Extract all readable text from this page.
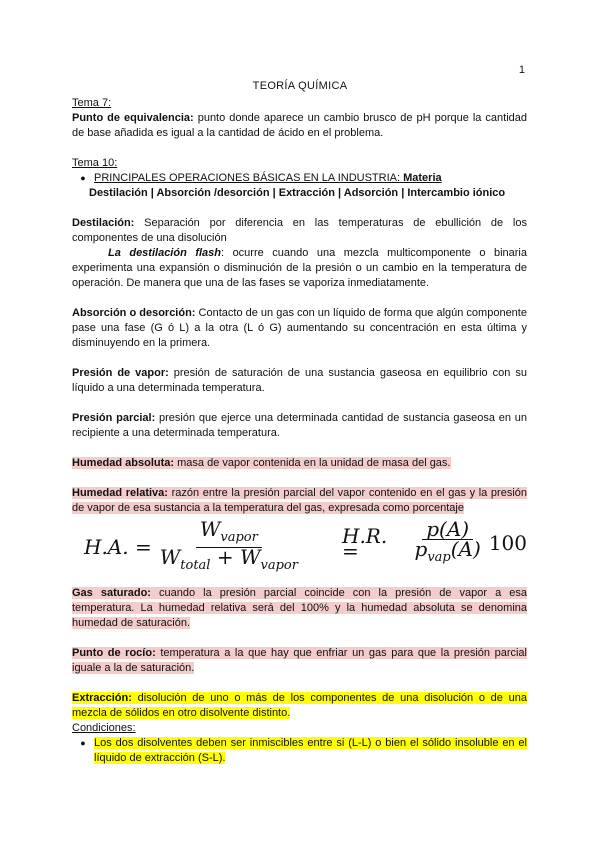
1
TEORÍA QUÍMICA
Tema 7:
Punto de equivalencia: punto donde aparece un cambio brusco de pH porque la cantidad de base añadida es igual a la cantidad de ácido en el problema.
Tema 10:
● PRINCIPALES OPERACIONES BÁSICAS EN LA INDUSTRIA: Materia
Destilación | Absorción /desorción | Extracción | Adsorción | Intercambio iónico
Destilación: Separación por diferencia en las temperaturas de ebullición de los componentes de una disolución
La destilación flash: ocurre cuando una mezcla multicomponente o binaria experimenta una expansión o disminución de la presión o un cambio en la temperatura de operación. De manera que una de las fases se vaporiza inmediatamente.
Absorción o desorción: Contacto de un gas con un líquido de forma que algún componente pase una fase (G ó L) a la otra (L ó G) aumentando su concentración en esta última y disminuyendo en la primera.
Presión de vapor: presión de saturación de una sustancia gaseosa en equilibrio con su líquido a una determinada temperatura.
Presión parcial: presión que ejerce una determinada cantidad de sustancia gaseosa en un recipiente a una determinada temperatura.
Humedad absoluta: masa de vapor contenida en la unidad de masa del gas.
Humedad relativa: razón entre la presión parcial del vapor contenido en el gas y la presión de vapor de esa sustancia a la temperatura del gas, expresada como porcentaje
H.A. = $\frac{W_{vapor}}{W_{total} + W_{vapor}} H.R$. =	$\frac{p(A)}{p_{vap}(A)} 100$
Gas saturado: cuando la presión parcial coincide con la presión de vapor a esa temperatura. La humedad relativa será del 100% y la humedad absoluta se denomina humedad de saturación.
Punto de rocío: temperatura a la que hay que enfriar un gas para que la presión parcial iguale a la de saturación.
Extracción: disolución de uno o más de los componentes de una disolución o de una mezcla de sólidos en otro disolvente distinto.
Condiciones:
● Los dos disolventes deben ser inmiscibles entre si (L-L) o bien el sólido insoluble en el líquido de extracción (S-L).
